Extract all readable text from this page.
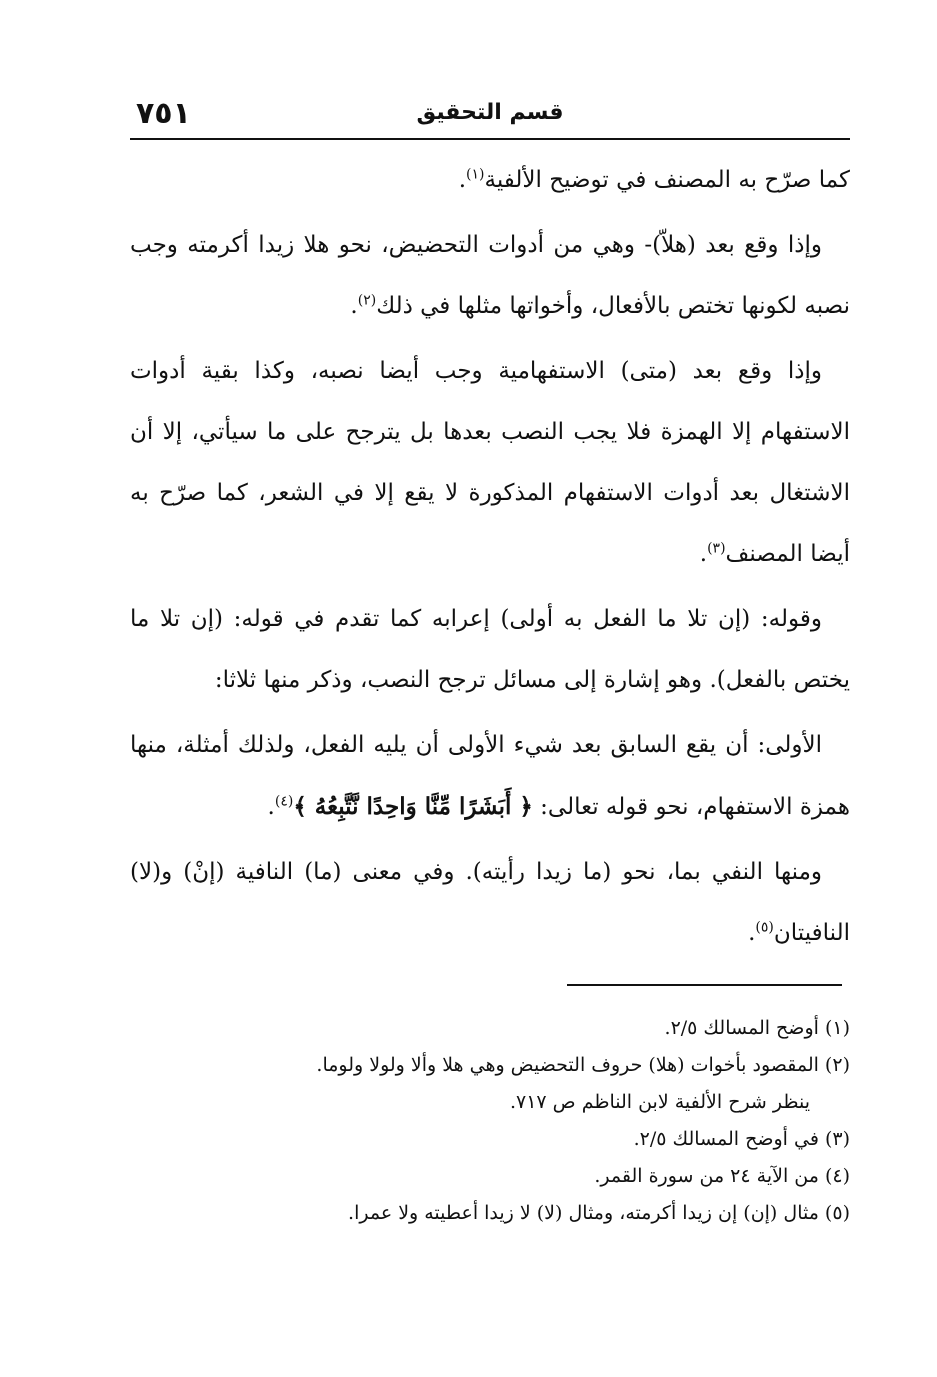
٧٥١	قسم التحقيق

كما صرّح به المصنف في توضيح الألفية$^{(١)}$.

وإذا وقع بعد (هلاّ)- وهي من أدوات التحضيض، نحو هلا زيدا أكرمته وجب نصبه لكونها تختص بالأفعال، وأخواتها مثلها في ذلك$^{(٢)}$.

وإذا وقع بعد (متى) الاستفهامية وجب أيضا نصبه، وكذا بقية أدوات الاستفهام إلا الهمزة فلا يجب النصب بعدها بل يترجح على ما سيأتي، إلا أن الاشتغال بعد أدوات الاستفهام المذكورة لا يقع إلا في الشعر، كما صرّح به أيضا المصنف$^{(٣)}$.

وقوله: (إن تلا ما الفعل به أولى) إعرابه كما تقدم في قوله: (إن تلا ما يختص بالفعل). وهو إشارة إلى مسائل ترجح النصب، وذكر منها ثلاثا:

الأولى: أن يقع السابق بعد شيء الأولى أن يليه الفعل، ولذلك أمثلة، منها همزة الاستفهام، نحو قوله تعالى: ﴿ أَبَشَرًا مِّنَّا وَاحِدًا نَّتَّبِعُهُ ﴾$^{(٤)}$.

ومنها النفي بما، نحو (ما زيدا رأيته). وفي معنى (ما) النافية (إنْ) و(لا) النافيتان$^{(٥)}$.

(١) أوضح المسالك ٢/٥.
(٢) المقصود بأخوات (هلا) حروف التحضيض وهي هلا وألا ولولا ولوما.
ينظر شرح الألفية لابن الناظم ص ٧١٧.
(٣) في أوضح المسالك ٢/٥.
(٤) من الآية ٢٤ من سورة القمر.
(٥) مثال (إن) إن زيدا أكرمته، ومثال (لا) لا زيدا أعطيته ولا عمرا.
